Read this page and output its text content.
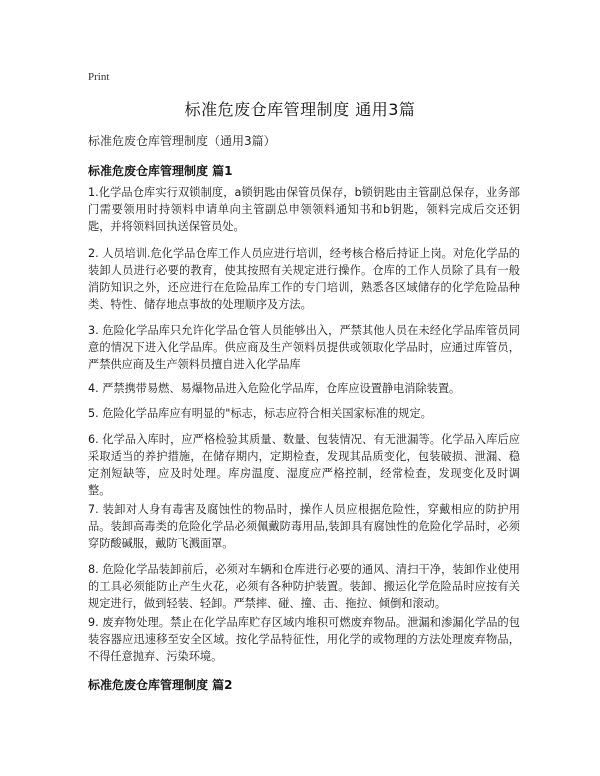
Print
标准危废仓库管理制度 通用3篇
标准危废仓库管理制度（通用3篇）
标准危废仓库管理制度 篇1

1.化学品仓库实行双锁制度，a锁钥匙由保管员保存，b锁钥匙由主管副总保存，业务部门需要领用时持领料申请单向主管副总申领领料通知书和b钥匙，领料完成后交还钥匙，并将领料回执送保管员处。

2. 人员培训.危化学品仓库工作人员应进行培训，经考核合格后持证上岗。对危化学品的装卸人员进行必要的教育，使其按照有关规定进行操作。仓库的工作人员除了具有一般消防知识之外，还应进行在危险品库工作的专门培训，熟悉各区域储存的化学危险品种类、特性、储存地点事故的处理顺序及方法。

3. 危险化学品库只允许化学品仓管人员能够出入，严禁其他人员在未经化学品库管员同意的情况下进入化学品库。供应商及生产领料员提供或领取化学品时，应通过库管员，严禁供应商及生产领料员擅自进入化学品库

4. 严禁携带易燃、易爆物品进入危险化学品库，仓库应设置静电消除装置。

5. 危险化学品库应有明显的"标志，标志应符合相关国家标准的规定。

6. 化学品入库时，应严格检验其质量、数量、包装情况、有无泄漏等。化学品入库后应采取适当的养护措施，在储存期内，定期检查，发现其品质变化，包装破损、泄漏、稳定剂短缺等，应及时处理。库房温度、湿度应严格控制，经常检查，发现变化及时调整。

7. 装卸对人身有毒害及腐蚀性的物品时，操作人员应根据危险性，穿戴相应的防护用品。装卸高毒类的危险化学品必须佩戴防毒用品,装卸具有腐蚀性的危险化学品时，必须穿防酸碱服，戴防飞溅面罩。

8. 危险化学品装卸前后，必须对车辆和仓库进行必要的通风、清扫干净，装卸作业使用的工具必须能防止产生火花，必须有各种防护装置。装卸、搬运化学危险品时应按有关规定进行，做到轻装、轻卸。严禁摔、碰、撞、击、拖拉、倾倒和滚动。

9. 废弃物处理。禁止在化学品库贮存区域内堆积可燃废弃物品。泄漏和渗漏化学品的包装容器应迅速移至安全区域。按化学品特征性，用化学的或物理的方法处理废弃物品，不得任意抛弃、污染环境。

标准危废仓库管理制度 篇2
